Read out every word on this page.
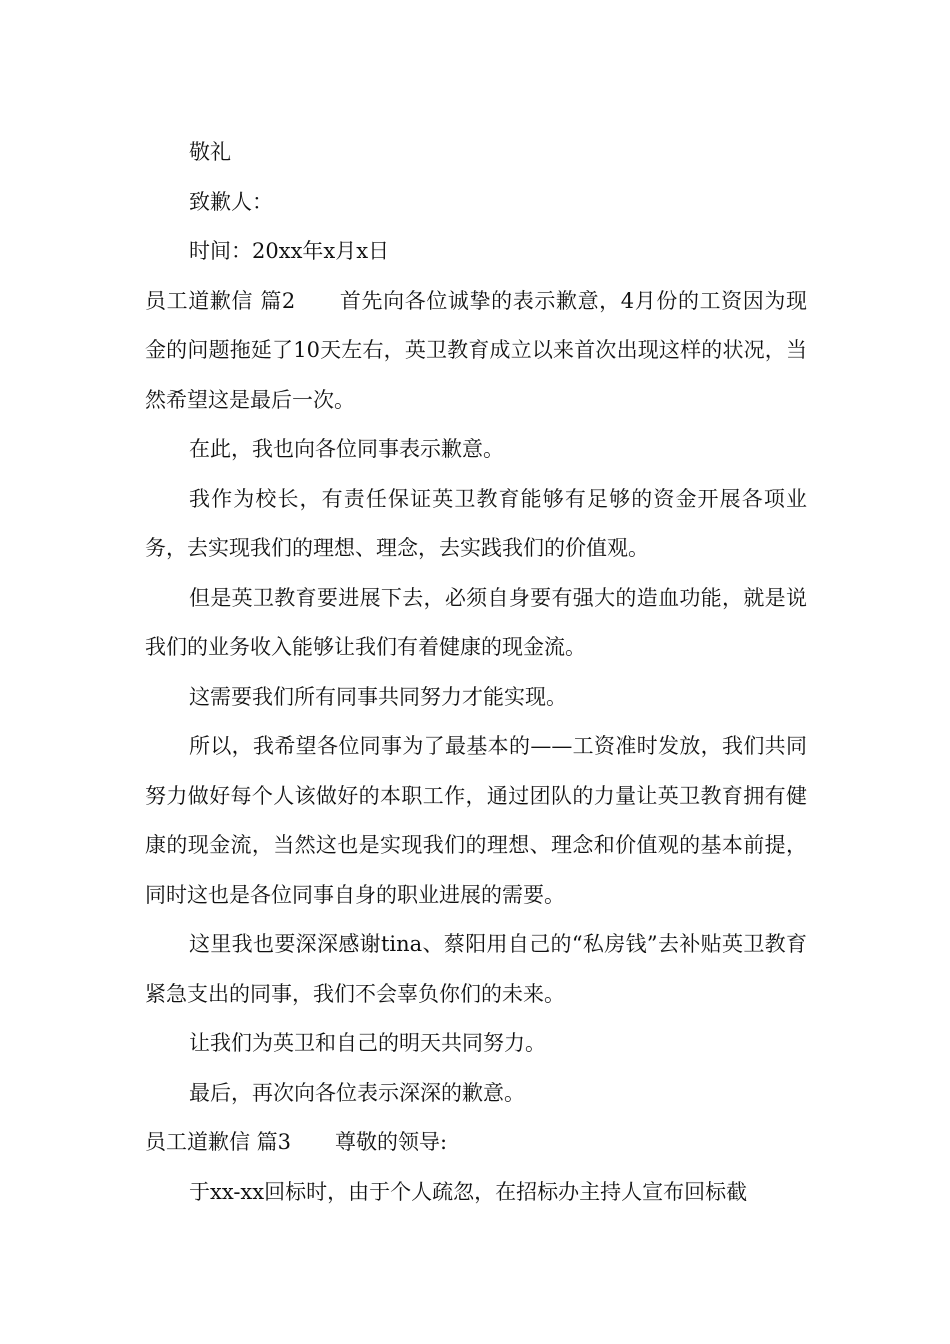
敬礼

致歉人：

时间：20xx年x月x日

员工道歉信 篇2 首先向各位诚挚的表示歉意，4月份的工资因为现金的问题拖延了10天左右，英卫教育成立以来首次出现这样的状况，当然希望这是最后一次。

在此，我也向各位同事表示歉意。

我作为校长，有责任保证英卫教育能够有足够的资金开展各项业务，去实现我们的理想、理念，去实践我们的价值观。

但是英卫教育要进展下去，必须自身要有强大的造血功能，就是说我们的业务收入能够让我们有着健康的现金流。

这需要我们所有同事共同努力才能实现。

所以，我希望各位同事为了最基本的——工资准时发放，我们共同努力做好每个人该做好的本职工作，通过团队的力量让英卫教育拥有健康的现金流，当然这也是实现我们的理想、理念和价值观的基本前提，同时这也是各位同事自身的职业进展的需要。

这里我也要深深感谢tina、蔡阳用自己的“私房钱”去补贴英卫教育紧急支出的同事，我们不会辜负你们的未来。

让我们为英卫和自己的明天共同努力。

最后，再次向各位表示深深的歉意。

员工道歉信 篇3 尊敬的领导:

于xx-xx回标时，由于个人疏忽，在招标办主持人宣布回标截
